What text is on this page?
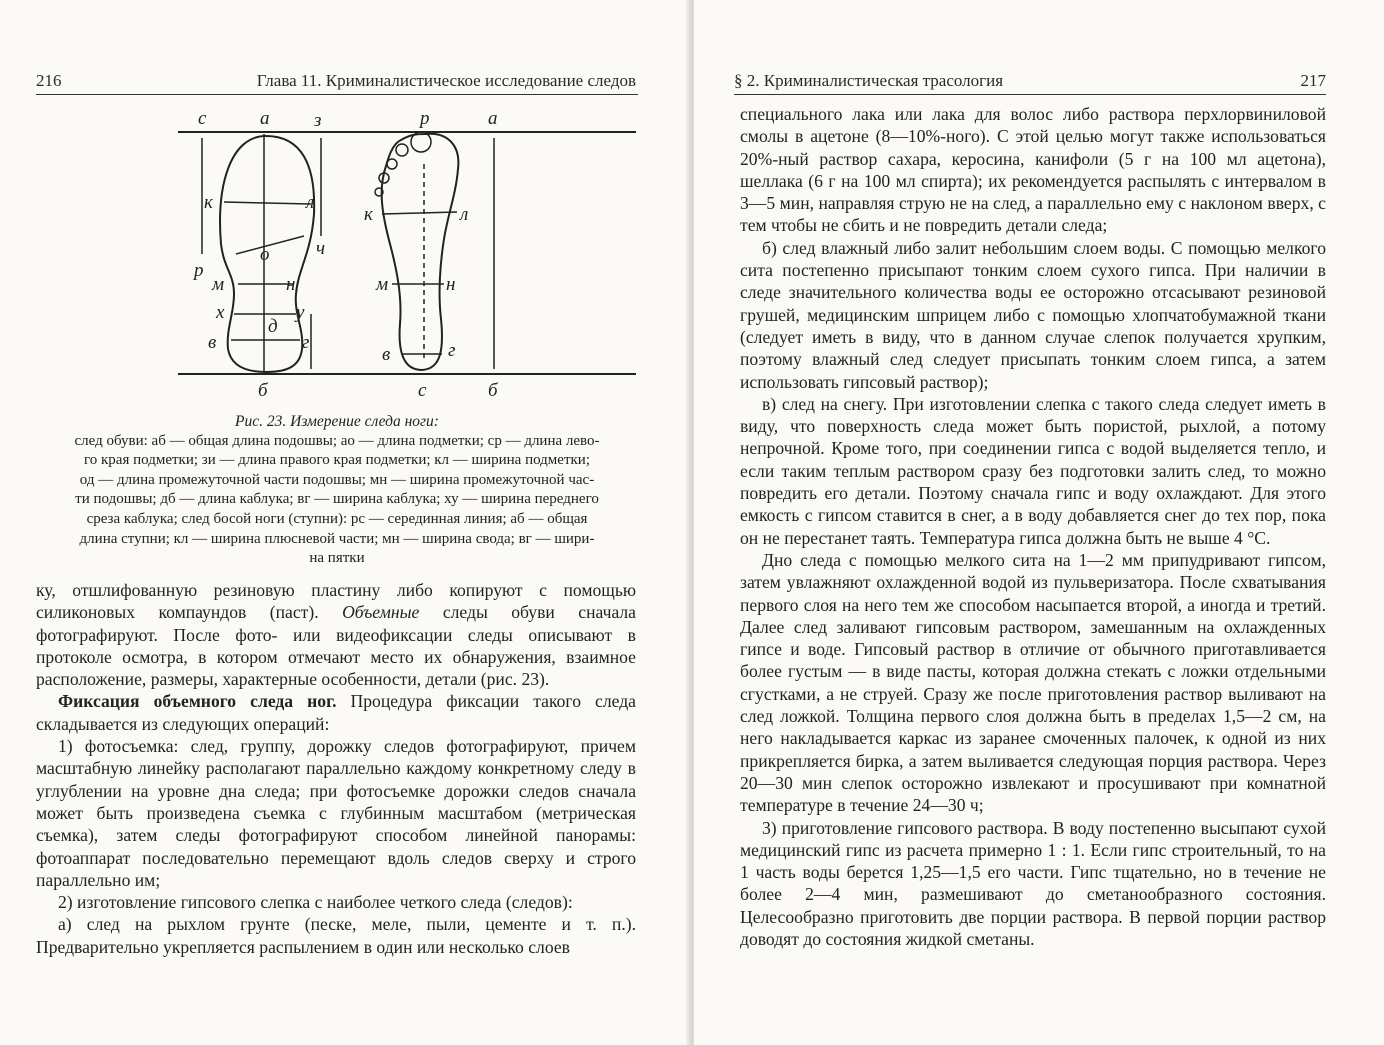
216	Глава 11. Криминалистическое исследование следов
с	а з
к	л
р
ч
о
м	н
х	у
д
в	г
б
р	а
к	л
м	н
в	г
с	б
Рис. 23. Измерение следа ноги:
след обуви: аб — общая длина подошвы; ао — длина подметки; ср — длина лево-
го края подметки; зи — длина правого края подметки; кл — ширина подметки;
од — длина промежуточной части подошвы; мн — ширина промежуточной час-
ти подошвы; дб — длина каблука; вг — ширина каблука; ху — ширина переднего
среза каблука; след босой ноги (ступни): рс — серединная линия; аб — общая
длина ступни; кл — ширина плюсневой части; мн — ширина свода; вг — шири-
на пятки

ку, отшлифованную резиновую пластину либо копируют с помощью силиконовых компаундов (паст). Объемные следы обуви сначала фотографируют. После фото- или видеофиксации следы описывают в протоколе осмотра, в котором отмечают место их обнаружения, взаимное расположение, размеры, характерные особенности, детали (рис. 23).

Фиксация объемного следа ног. Процедура фиксации такого следа складывается из следующих операций:

1) фотосъемка: след, группу, дорожку следов фотографируют, причем масштабную линейку располагают параллельно каждому конкретному следу в углублении на уровне дна следа; при фотосъемке дорожки следов сначала может быть произведена съемка с глубинным масштабом (метрическая съемка), затем следы фотографируют способом линейной панорамы: фотоаппарат последовательно перемещают вдоль следов сверху и строго параллельно им;

2) изготовление гипсового слепка с наиболее четкого следа (следов):

а) след на рыхлом грунте (песке, меле, пыли, цементе и т. п.). Предварительно укрепляется распылением в один или несколько слоев

§ 2. Криминалистическая трасология	217

специального лака или лака для волос либо раствора перхлорвиниловой смолы в ацетоне (8—10%-ного). С этой целью могут также использоваться 20%-ный раствор сахара, керосина, канифоли (5 г на 100 мл ацетона), шеллака (6 г на 100 мл спирта); их рекомендуется распылять с интервалом в 3—5 мин, направляя струю не на след, а параллельно ему с наклоном вверх, с тем чтобы не сбить и не повредить детали следа;

б) след влажный либо залит небольшим слоем воды. С помощью мелкого сита постепенно присыпают тонким слоем сухого гипса. При наличии в следе значительного количества воды ее осторожно отсасывают резиновой грушей, медицинским шприцем либо с помощью хлопчатобумажной ткани (следует иметь в виду, что в данном случае слепок получается хрупким, поэтому влажный след следует присыпать тонким слоем гипса, а затем использовать гипсовый раствор);

в) след на снегу. При изготовлении слепка с такого следа следует иметь в виду, что поверхность следа может быть пористой, рыхлой, а потому непрочной. Кроме того, при соединении гипса с водой выделяется тепло, и если таким теплым раствором сразу без подготовки залить след, то можно повредить его детали. Поэтому сначала гипс и воду охлаждают. Для этого емкость с гипсом ставится в снег, а в воду добавляется снег до тех пор, пока он не перестанет таять. Температура гипса должна быть не выше 4 °С.

Дно следа с помощью мелкого сита на 1—2 мм припудривают гипсом, затем увлажняют охлажденной водой из пульверизатора. После схватывания первого слоя на него тем же способом насыпается второй, а иногда и третий. Далее след заливают гипсовым раствором, замешанным на охлажденных гипсе и воде. Гипсовый раствор в отличие от обычного приготавливается более густым — в виде пасты, которая должна стекать с ложки отдельными сгустками, а не струей. Сразу же после приготовления раствор выливают на след ложкой. Толщина первого слоя должна быть в пределах 1,5—2 см, на него накладывается каркас из заранее смоченных палочек, к одной из них прикрепляется бирка, а затем выливается следующая порция раствора. Через 20—30 мин слепок осторожно извлекают и просушивают при комнатной температуре в течение 24—30 ч;

3) приготовление гипсового раствора. В воду постепенно высыпают сухой медицинский гипс из расчета примерно 1 : 1. Если гипс строительный, то на 1 часть воды берется 1,25—1,5 его части. Гипс тщательно, но в течение не более 2—4 мин, размешивают до сметанообразного состояния. Целесообразно приготовить две порции раствора. В первой порции раствор доводят до состояния жидкой сметаны.
